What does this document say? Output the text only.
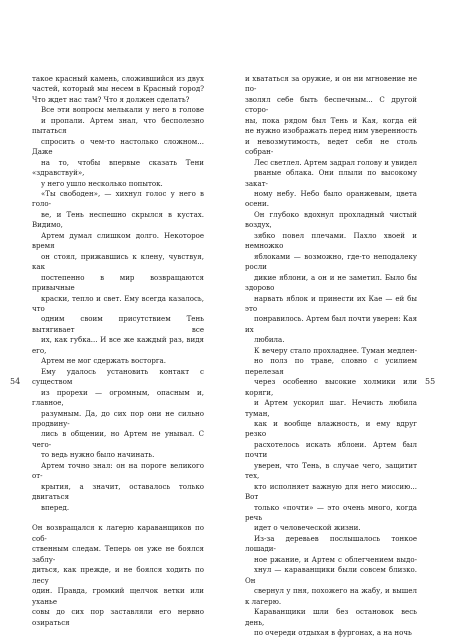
такое красный камень, сложившийся из двух
частей, который мы несем в Красный город?
Что ждет нас там? Что я должен сделать?

Все эти вопросы мелькали у него в голове
и пропали. Артем знал, что бесполезно пытаться
спросить о чем-то настолько сложном... Даже
на то, чтобы впервые сказать Тени «здравствуй»,
у него ушло несколько попыток.

«Ты свободен», — хихнул голос у него в голо-
ве, и Тень неспешно скрылся в кустах. Видимо,
Артем думал слишком долго. Некоторое время
он стоял, прижавшись к клену, чувствуя, как
постепенно в мир возвращаются привычные
краски, тепло и свет. Ему всегда казалось, что
одним своим присутствием Тень вытягивает все
их, как губка... И все же каждый раз, видя его,
Артем не мог сдержать восторга.

Ему удалось установить контакт с существом
из прорехи — огромным, опасным и, главное,
разумным. Да, до сих пор они не сильно продвину-
лись в общении, но Артем не унывал. С чего-
то ведь нужно было начинать.

Артем точно знал: он на пороге великого от-
крытия, а значит, оставалось только двигаться
вперед.

Он возвращался к лагерю караванщиков по соб-
ственным следам. Теперь он уже не боялся заблу-
диться, как прежде, и не боялся ходить по лесу
один. Правда, громкий щелчок ветки или уханье
совы до сих пор заставляли его нервно озираться

54

и хвататься за оружие, и он ни мгновение не по-
зволял себе быть беспечным... С другой сторо-
ны, пока рядом был Тень и Кая, когда ей
не нужно изображать перед ним уверенность
и невозмутимость, ведет себя не столь собран-

Лес светлел. Артем задрал голову и увидел
рваные облака. Они плыли по высокому закат-
ному небу. Небо было оранжевым, цвета осени.
Он глубоко вдохнул прохладный чистый воздух,
зябко повел плечами. Пахло хвоей и немножко
яблоками — возможно, где-то неподалеку росли
дикие яблони, а он и не заметил. Было бы здорово
нарвать яблок и принести их Кае — ей бы это
понравилось. Артем был почти уверен: Кая их
любила.

К вечеру стало прохладнее. Туман медлен-
но полз по траве, словно с усилием перелезая
через особенно высокие холмики или коряги,
и Артем ускорил шаг. Нечисть любила туман,
как и вообще влажность, и ему вдруг резко
расхотелось искать яблони. Артем был почти
уверен, что Тень, в случае чего, защитит тех,
кто исполняет важную для него миссию... Вот
только «почти» — это очень много, когда речь
идет о человеческой жизни.

Из-за деревьев послышалось тонкое лошади-
ное ржание, и Артем с облегчением выдо-
хнул — караванщики были совсем близко. Он
свернул у пня, похожего на жабу, и вышел к лагерю.

Караванщики шли без остановок весь день,
по очереди отдыхая в фургонах, а на ночь

55
